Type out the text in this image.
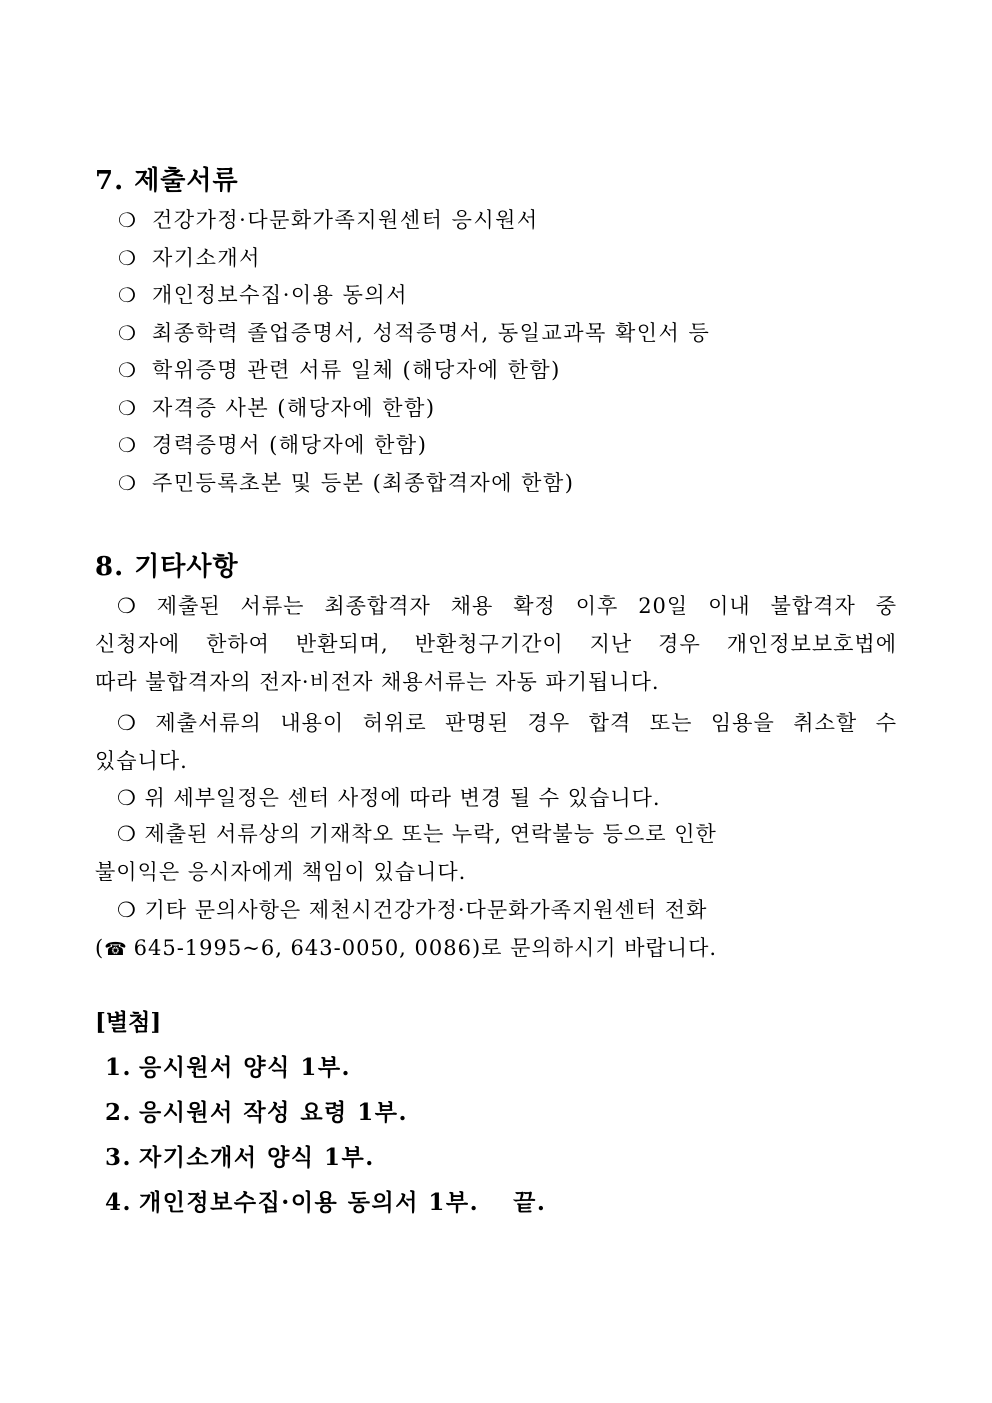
7. 제출서류
❍ 건강가정·다문화가족지원센터 응시원서
❍ 자기소개서
❍ 개인정보수집·이용 동의서
❍ 최종학력 졸업증명서, 성적증명서, 동일교과목 확인서 등
❍ 학위증명 관련 서류 일체 (해당자에 한함)
❍ 자격증 사본 (해당자에 한함)
❍ 경력증명서 (해당자에 한함)
❍ 주민등록초본 및 등본 (최종합격자에 한함)
8. 기타사항
❍ 제출된 서류는 최종합격자 채용 확정 이후 20일 이내 불합격자 중
신청자에 한하여 반환되며, 반환청구기간이 지난 경우 개인정보보호법에
따라 불합격자의 전자·비전자 채용서류는 자동 파기됩니다.
❍ 제출서류의 내용이 허위로 판명된 경우 합격 또는 임용을 취소할 수
있습니다.
❍ 위 세부일정은 센터 사정에 따라 변경 될 수 있습니다.
❍ 제출된 서류상의 기재착오 또는 누락, 연락불능 등으로 인한
불이익은 응시자에게 책임이 있습니다.
❍ 기타 문의사항은 제천시건강가정·다문화가족지원센터 전화
(☎ 645-1995~6, 643-0050, 0086)로 문의하시기 바랍니다.
[별첨]
1. 응시원서 양식 1부.
2. 응시원서 작성 요령 1부.
3. 자기소개서 양식 1부.
4. 개인정보수집·이용 동의서 1부.　 끝.
